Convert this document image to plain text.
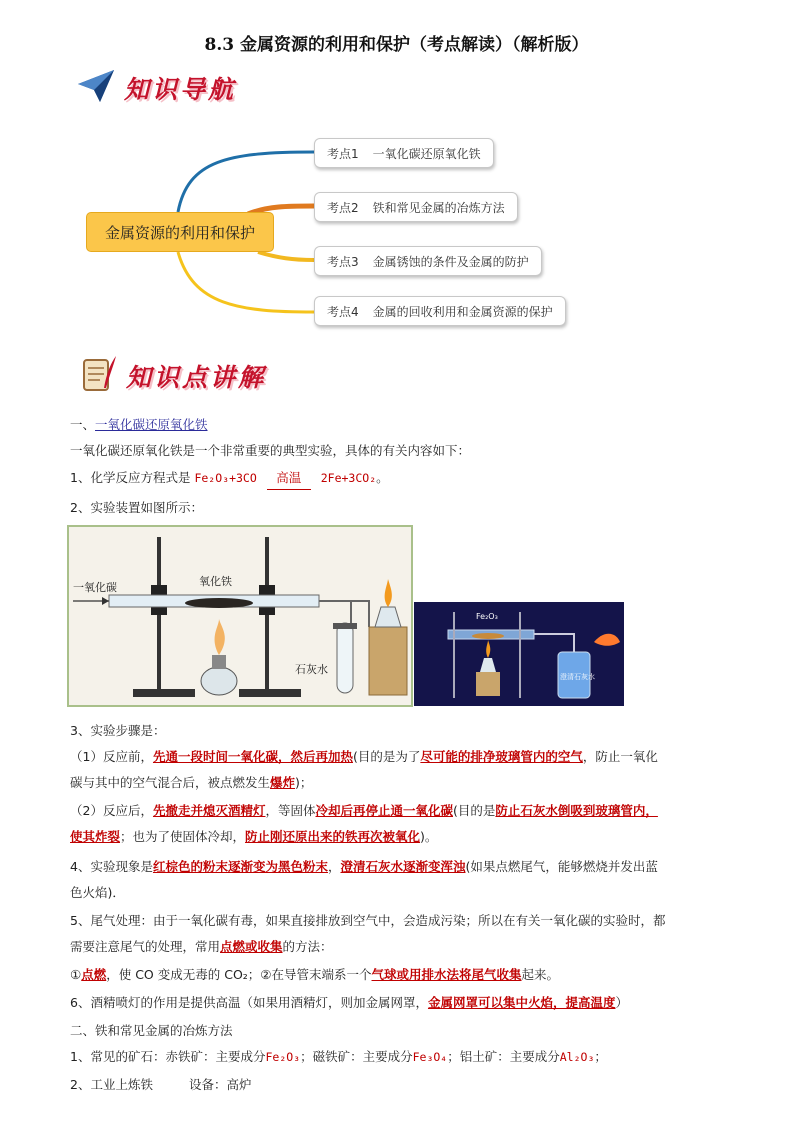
8.3 金属资源的利用和保护（考点解读）（解析版）
知识导航
金属资源的利用和保护
考点1 一氧化碳还原氧化铁
考点2 铁和常见金属的冶炼方法
考点3 金属锈蚀的条件及金属的防护
考点4 金属的回收利用和金属资源的保护
知识点讲解
一、一氧化碳还原氧化铁
一氧化碳还原氧化铁是一个非常重要的典型实验，具体的有关内容如下：
1、化学反应方程式是 Fe₂O₃+3CO 高温 2Fe+3CO₂。
2、实验装置如图所示：
一氧化碳	氧化铁
石灰水
Fe₂O₃
澄清石灰水
3、实验步骤是：
（1）反应前，先通一段时间一氧化碳，然后再加热(目的是为了尽可能的排净玻璃管内的空气，防止一氧化
碳与其中的空气混合后，被点燃发生爆炸)；
（2）反应后，先撤走并熄灭酒精灯，等固体冷却后再停止通一氧化碳(目的是防止石灰水倒吸到玻璃管内，
使其炸裂；也为了使固体冷却，防止刚还原出来的铁再次被氧化)。
4、实验现象是红棕色的粉末逐渐变为黑色粉末，澄清石灰水逐渐变浑浊(如果点燃尾气，能够燃烧并发出蓝
色火焰)．
5、尾气处理：由于一氧化碳有毒，如果直接排放到空气中，会造成污染；所以在有关一氧化碳的实验时，都
需要注意尾气的处理，常用点燃或收集的方法：
①点燃，使 CO 变成无毒的 CO₂；②在导管末端系一个气球或用排水法将尾气收集起来。
6、酒精喷灯的作用是提供高温（如果用酒精灯，则加金属网罩，金属网罩可以集中火焰，提高温度）
二、铁和常见金属的冶炼方法
1、常见的矿石：赤铁矿：主要成分Fe₂O₃；磁铁矿：主要成分Fe₃O₄；铝土矿：主要成分Al₂O₃；
2、工业上炼铁	设备：高炉
